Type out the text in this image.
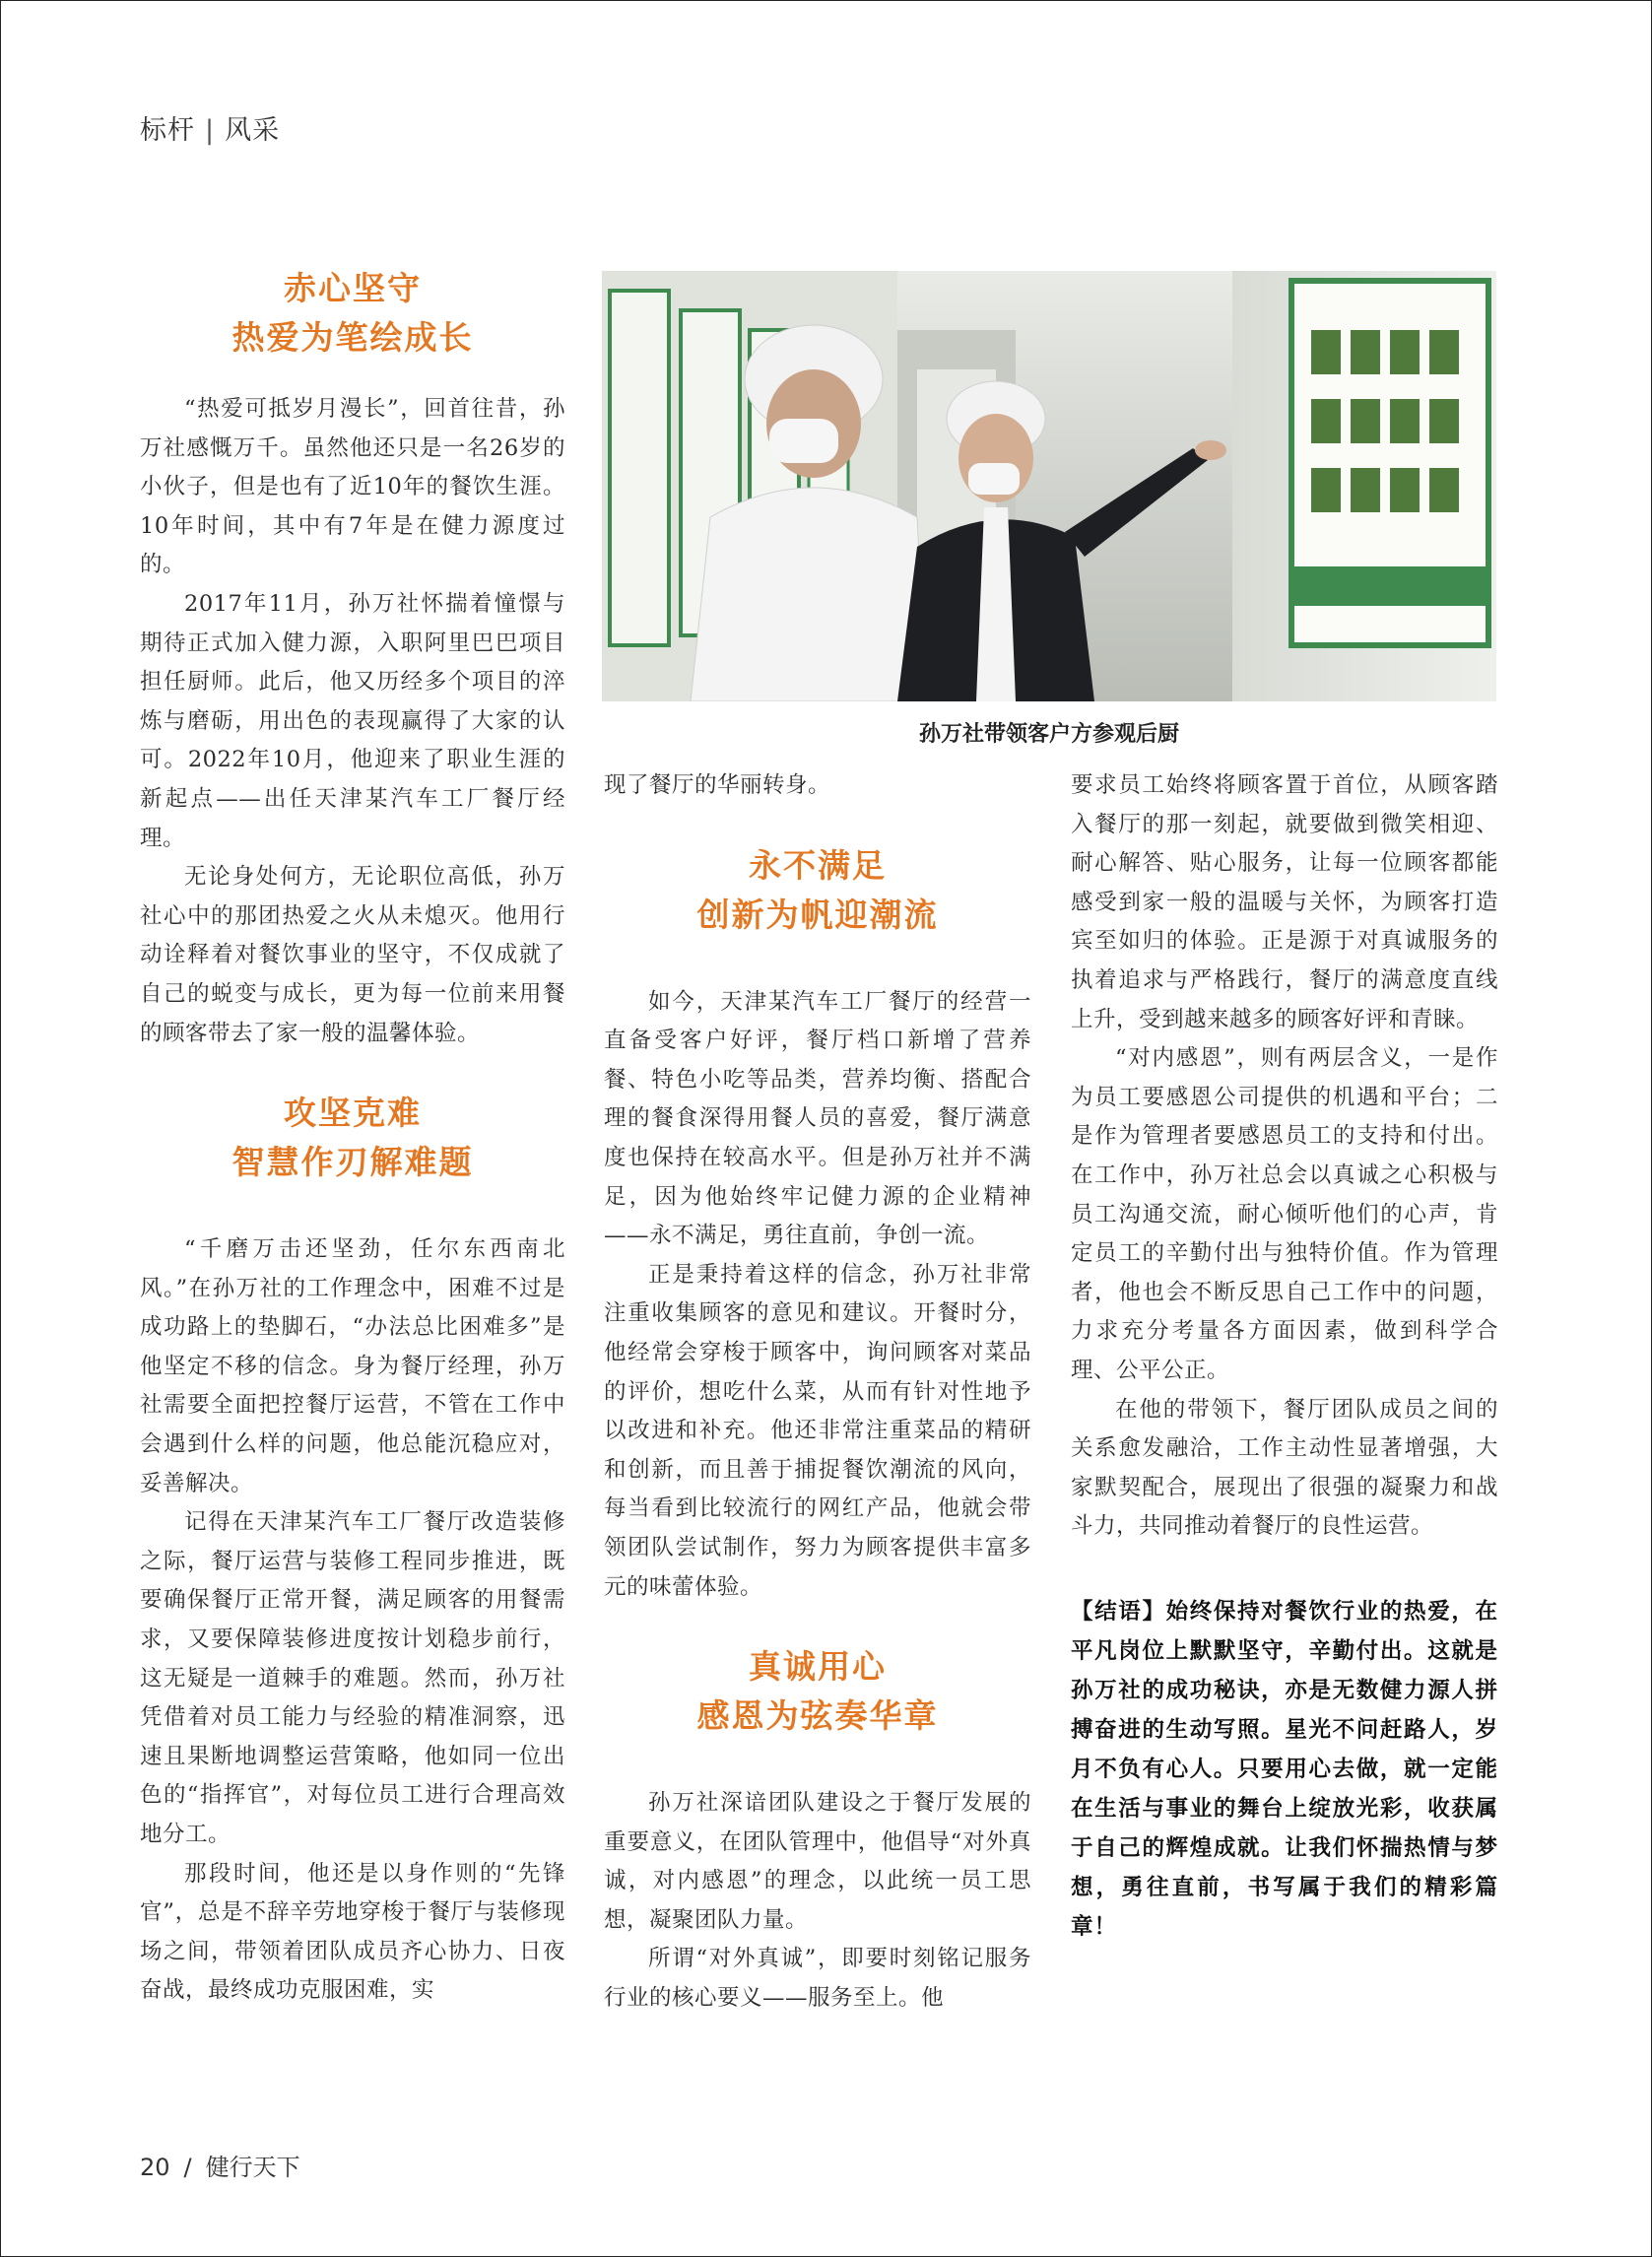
标杆 | 风采
赤心坚守
热爱为笔绘成长

“热爱可抵岁月漫长”，回首往昔，孙万社感慨万千。虽然他还只是一名26岁的小伙子，但是也有了近10年的餐饮生涯。10年时间，其中有7年是在健力源度过的。

2017年11月，孙万社怀揣着憧憬与期待正式加入健力源，入职阿里巴巴项目担任厨师。此后，他又历经多个项目的淬炼与磨砺，用出色的表现赢得了大家的认可。2022年10月，他迎来了职业生涯的新起点——出任天津某汽车工厂餐厅经理。

无论身处何方，无论职位高低，孙万社心中的那团热爱之火从未熄灭。他用行动诠释着对餐饮事业的坚守，不仅成就了自己的蜕变与成长，更为每一位前来用餐的顾客带去了家一般的温馨体验。

攻坚克难
智慧作刃解难题

“千磨万击还坚劲，任尔东西南北风。”在孙万社的工作理念中，困难不过是成功路上的垫脚石，“办法总比困难多”是他坚定不移的信念。身为餐厅经理，孙万社需要全面把控餐厅运营，不管在工作中会遇到什么样的问题，他总能沉稳应对，妥善解决。

记得在天津某汽车工厂餐厅改造装修之际，餐厅运营与装修工程同步推进，既要确保餐厅正常开餐，满足顾客的用餐需求，又要保障装修进度按计划稳步前行，这无疑是一道棘手的难题。然而，孙万社凭借着对员工能力与经验的精准洞察，迅速且果断地调整运营策略，他如同一位出色的“指挥官”，对每位员工进行合理高效地分工。

那段时间，他还是以身作则的“先锋官”，总是不辞辛劳地穿梭于餐厅与装修现场之间，带领着团队成员齐心协力、日夜奋战，最终成功克服困难，实

孙万社带领客户方参观后厨

现了餐厅的华丽转身。

永不满足
创新为帆迎潮流

如今，天津某汽车工厂餐厅的经营一直备受客户好评，餐厅档口新增了营养餐、特色小吃等品类，营养均衡、搭配合理的餐食深得用餐人员的喜爱，餐厅满意度也保持在较高水平。但是孙万社并不满足，因为他始终牢记健力源的企业精神——永不满足，勇往直前，争创一流。

正是秉持着这样的信念，孙万社非常注重收集顾客的意见和建议。开餐时分，他经常会穿梭于顾客中，询问顾客对菜品的评价，想吃什么菜，从而有针对性地予以改进和补充。他还非常注重菜品的精研和创新，而且善于捕捉餐饮潮流的风向，每当看到比较流行的网红产品，他就会带领团队尝试制作，努力为顾客提供丰富多元的味蕾体验。

真诚用心
感恩为弦奏华章

孙万社深谙团队建设之于餐厅发展的重要意义，在团队管理中，他倡导“对外真诚，对内感恩”的理念，以此统一员工思想，凝聚团队力量。

所谓“对外真诚”，即要时刻铭记服务行业的核心要义——服务至上。他

要求员工始终将顾客置于首位，从顾客踏入餐厅的那一刻起，就要做到微笑相迎、耐心解答、贴心服务，让每一位顾客都能感受到家一般的温暖与关怀，为顾客打造宾至如归的体验。正是源于对真诚服务的执着追求与严格践行，餐厅的满意度直线上升，受到越来越多的顾客好评和青睐。

“对内感恩”，则有两层含义，一是作为员工要感恩公司提供的机遇和平台；二是作为管理者要感恩员工的支持和付出。在工作中，孙万社总会以真诚之心积极与员工沟通交流，耐心倾听他们的心声，肯定员工的辛勤付出与独特价值。作为管理者，他也会不断反思自己工作中的问题，力求充分考量各方面因素，做到科学合理、公平公正。

在他的带领下，餐厅团队成员之间的关系愈发融洽，工作主动性显著增强，大家默契配合，展现出了很强的凝聚力和战斗力，共同推动着餐厅的良性运营。

【结语】始终保持对餐饮行业的热爱，在平凡岗位上默默坚守，辛勤付出。这就是孙万社的成功秘诀，亦是无数健力源人拼搏奋进的生动写照。星光不问赶路人，岁月不负有心人。只要用心去做，就一定能在生活与事业的舞台上绽放光彩，收获属于自己的辉煌成就。让我们怀揣热情与梦想，勇往直前，书写属于我们的精彩篇章！
20 / 健行天下
